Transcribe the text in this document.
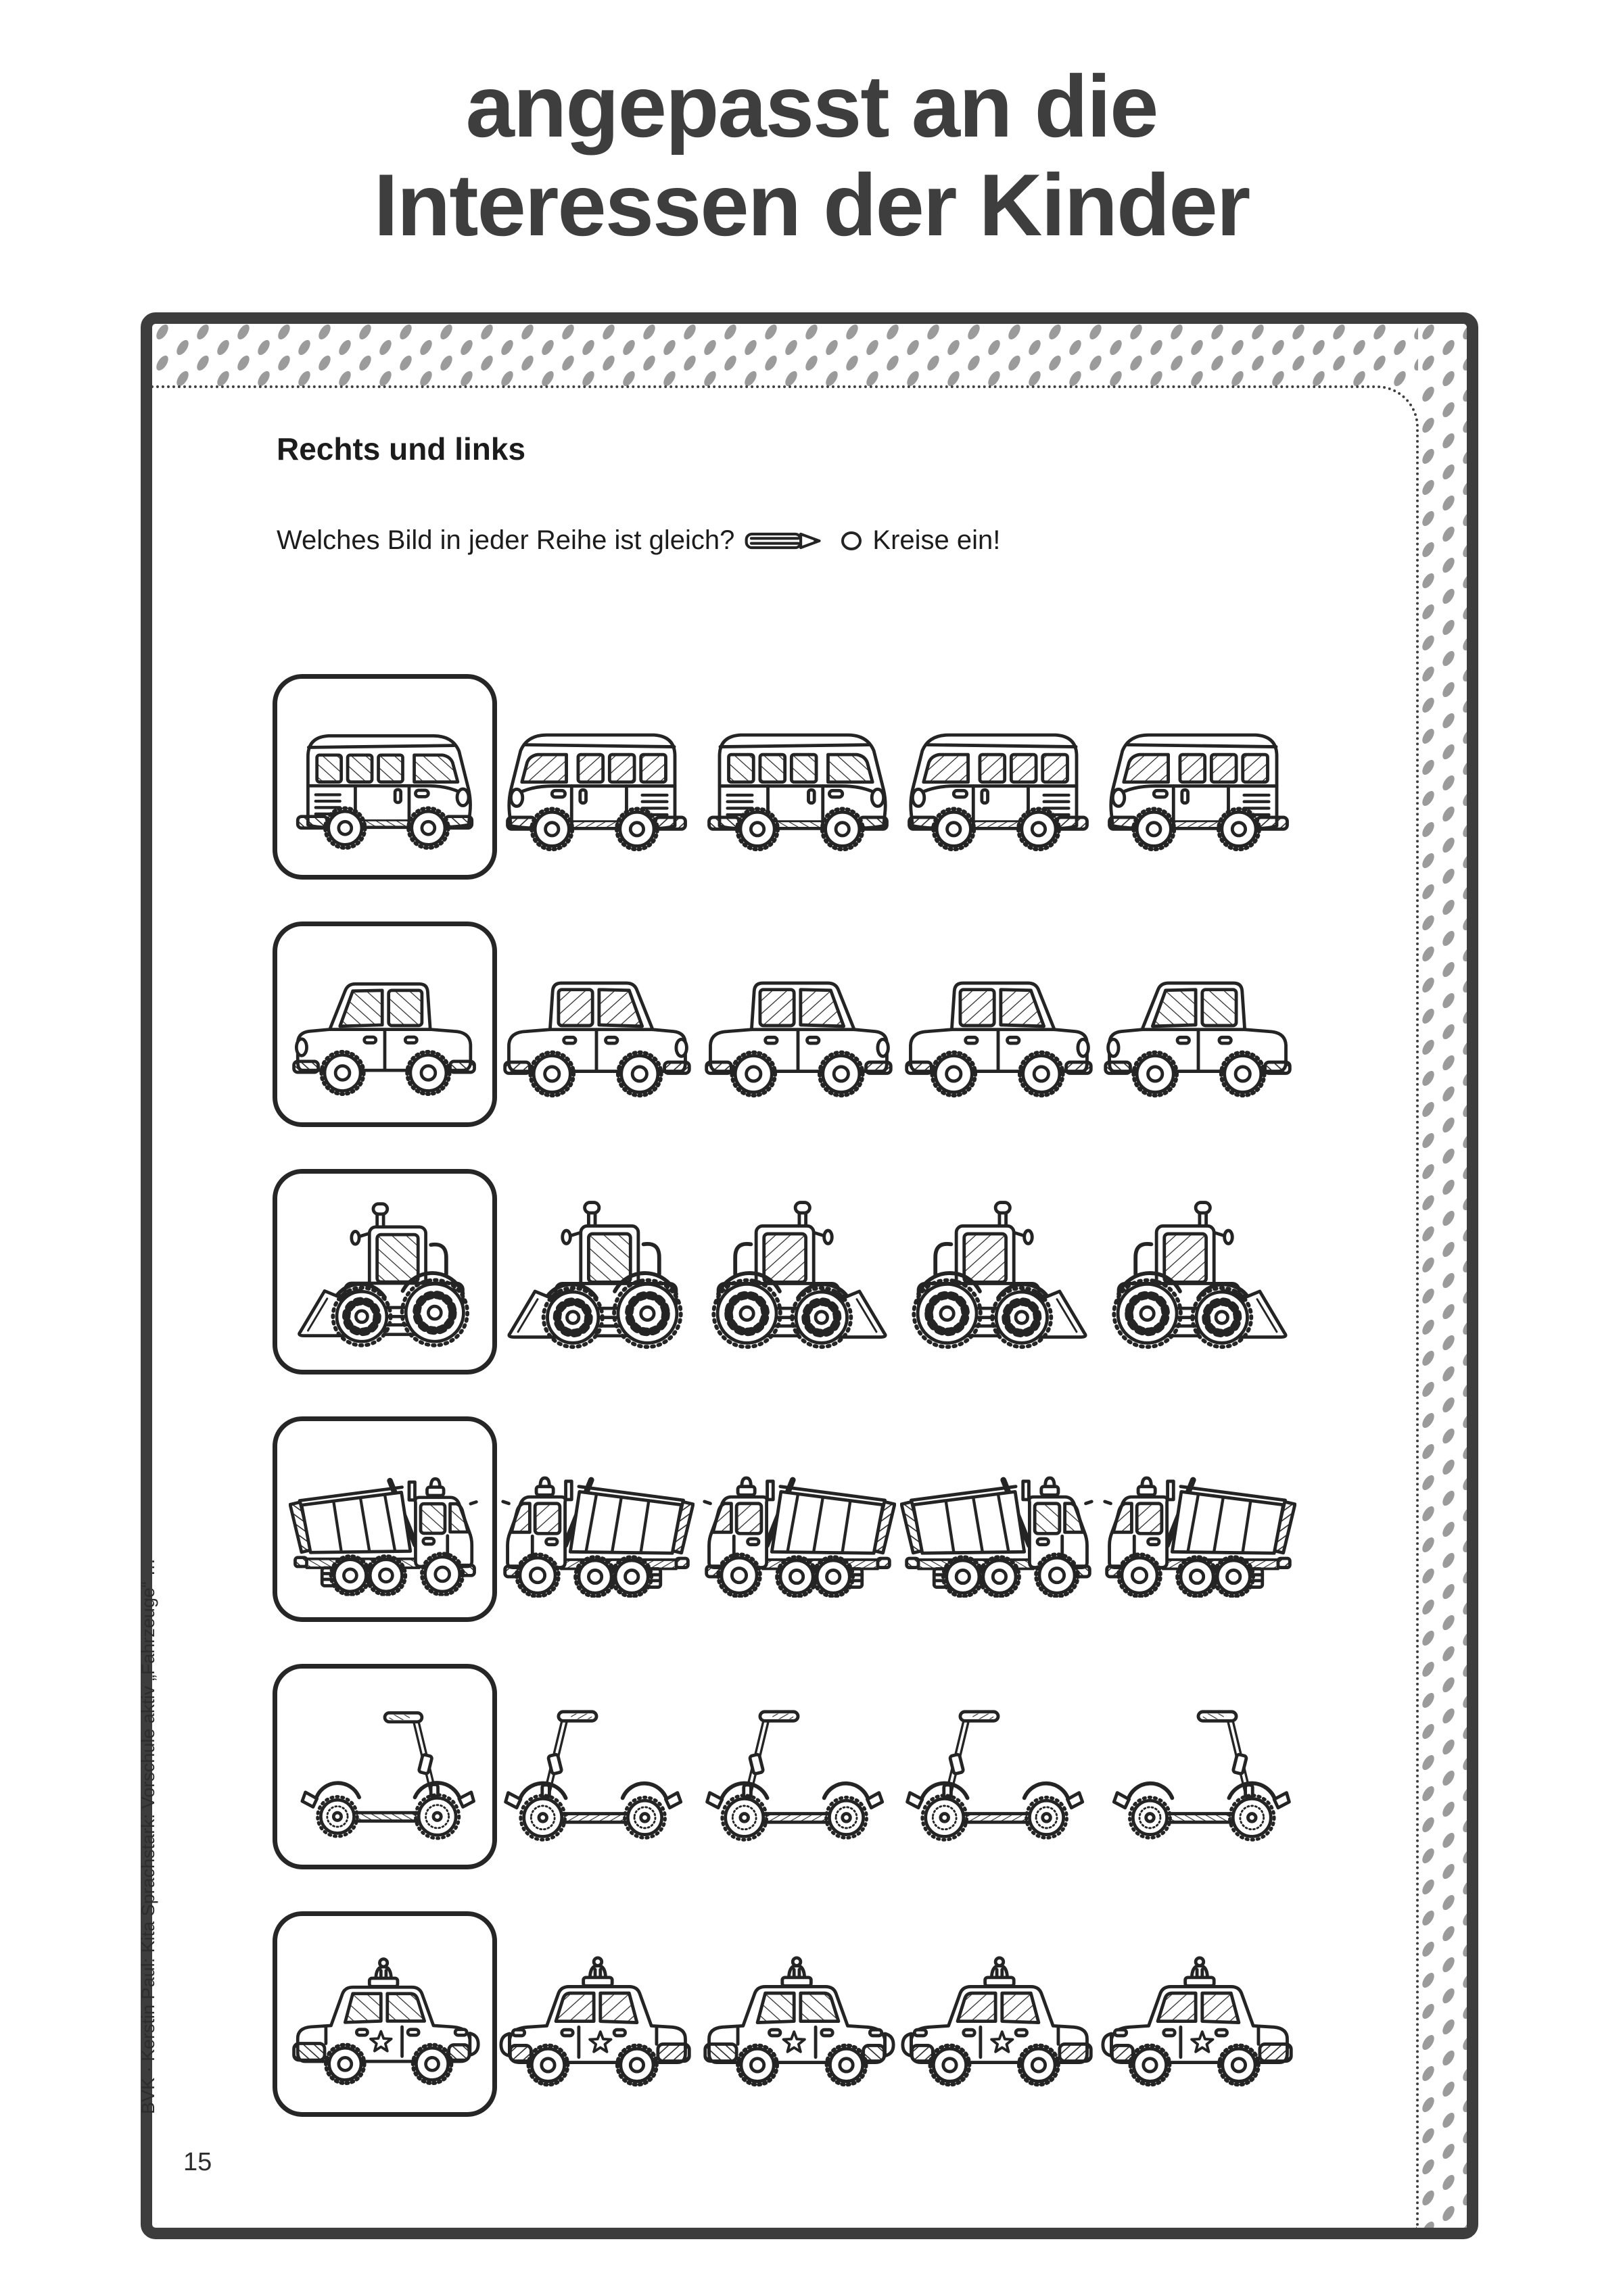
angepasst an die
Interessen der Kinder
Rechts und links
Welches Bild in jeder Reihe ist gleich?	Kreise ein!
BVK · Kerstin Paul: Kita Sprachstark: Vorschule aktiv „Fahrzeuge“ …
15
